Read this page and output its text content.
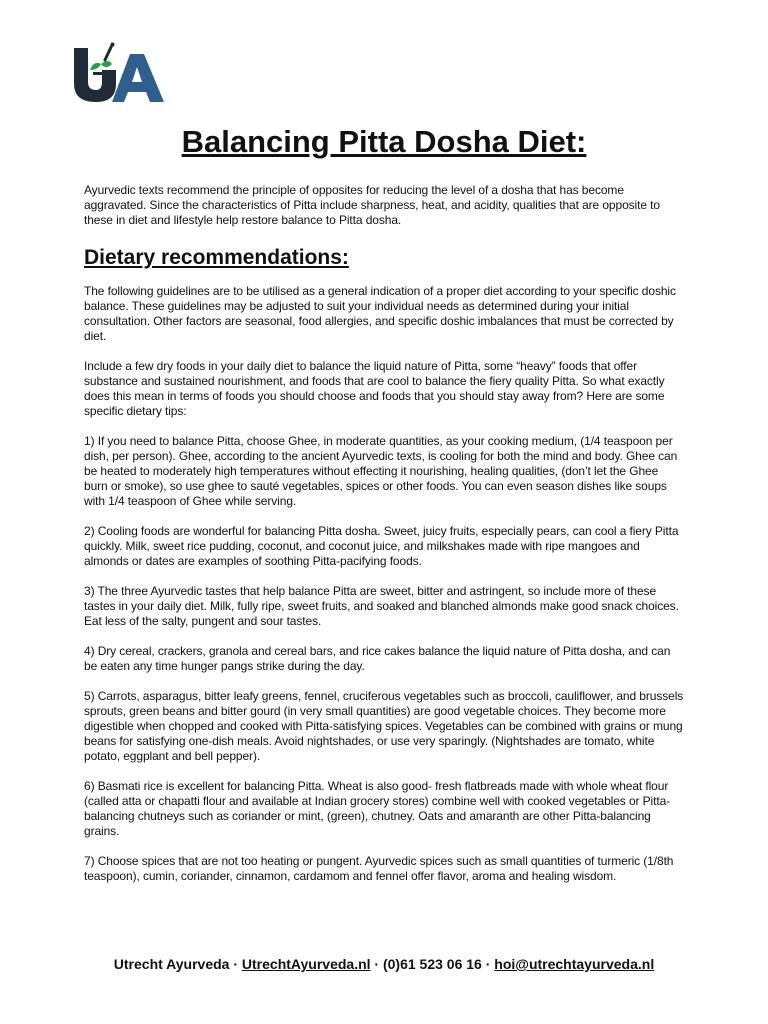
Balancing Pitta Dosha Diet:

Ayurvedic texts recommend the principle of opposites for reducing the level of a dosha that has become aggravated. Since the characteristics of Pitta include sharpness, heat, and acidity, qualities that are opposite to these in diet and lifestyle help restore balance to Pitta dosha.

Dietary recommendations:

The following guidelines are to be utilised as a general indication of a proper diet according to your specific doshic balance. These guidelines may be adjusted to suit your individual needs as determined during your initial consultation. Other factors are seasonal, food allergies, and specific doshic imbalances that must be corrected by diet.

Include a few dry foods in your daily diet to balance the liquid nature of Pitta, some “heavy” foods that offer substance and sustained nourishment, and foods that are cool to balance the fiery quality Pitta. So what exactly does this mean in terms of foods you should choose and foods that you should stay away from? Here are some specific dietary tips:

1) If you need to balance Pitta, choose Ghee, in moderate quantities, as your cooking medium, (1/4 teaspoon per dish, per person). Ghee, according to the ancient Ayurvedic texts, is cooling for both the mind and body. Ghee can be heated to moderately high temperatures without effecting it nourishing, healing qualities, (don’t let the Ghee burn or smoke), so use ghee to sauté vegetables, spices or other foods. You can even season dishes like soups with 1/4 teaspoon of Ghee while serving.

2) Cooling foods are wonderful for balancing Pitta dosha. Sweet, juicy fruits, especially pears, can cool a fiery Pitta quickly. Milk, sweet rice pudding, coconut, and coconut juice, and milkshakes made with ripe mangoes and almonds or dates are examples of soothing Pitta-pacifying foods.

3) The three Ayurvedic tastes that help balance Pitta are sweet, bitter and astringent, so include more of these tastes in your daily diet. Milk, fully ripe, sweet fruits, and soaked and blanched almonds make good snack choices. Eat less of the salty, pungent and sour tastes.

4) Dry cereal, crackers, granola and cereal bars, and rice cakes balance the liquid nature of Pitta dosha, and can be eaten any time hunger pangs strike during the day.

5) Carrots, asparagus, bitter leafy greens, fennel, cruciferous vegetables such as broccoli, cauliflower, and brussels sprouts, green beans and bitter gourd (in very small quantities) are good vegetable choices. They become more digestible when chopped and cooked with Pitta-satisfying spices. Vegetables can be combined with grains or mung beans for satisfying one-dish meals. Avoid nightshades, or use very sparingly. (Nightshades are tomato, white potato, eggplant and bell pepper).

6) Basmati rice is excellent for balancing Pitta. Wheat is also good- fresh flatbreads made with whole wheat flour (called atta or chapatti flour and available at Indian grocery stores) combine well with cooked vegetables or Pitta-balancing chutneys such as coriander or mint, (green), chutney. Oats and amaranth are other Pitta-balancing grains.

7) Choose spices that are not too heating or pungent. Ayurvedic spices such as small quantities of turmeric (1/8th teaspoon), cumin, coriander, cinnamon, cardamom and fennel offer flavor, aroma and healing wisdom.

Utrecht Ayurveda · UtrechtAyurveda.nl · (0)61 523 06 16 · hoi@utrechtayurveda.nl
